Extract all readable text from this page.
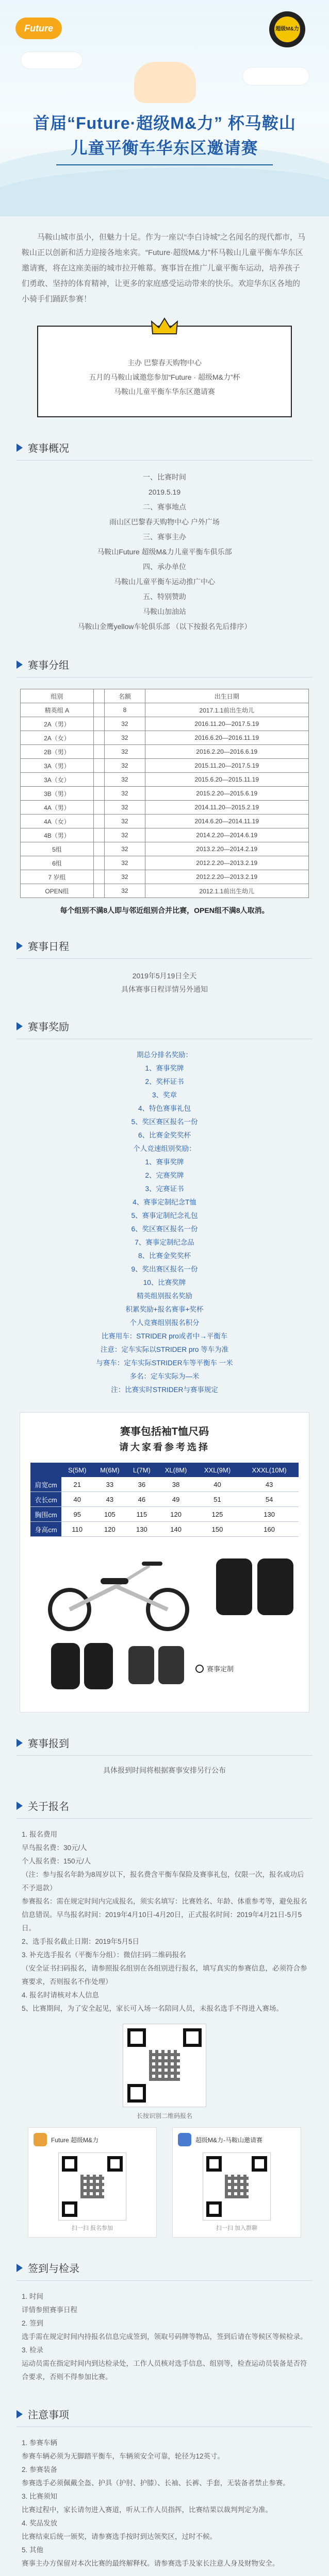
Future	超级M&力
首届“Future·超级M&力” 杯马鞍山
儿童平衡车华东区邀请赛

马鞍山城市虽小，但魅力十足。作为一座以“李白诗城”之名闻名的现代都市，马鞍山正以创新和活力迎接各地来宾。“Future·超级M&力”杯马鞍山儿童平衡车华东区邀请赛，将在这座美丽的城市拉开帷幕。赛事旨在推广儿童平衡车运动，培养孩子们勇敢、坚持的体育精神，让更多的家庭感受运动带来的快乐。欢迎华东区各地的小骑手们踊跃参赛！

主办 巴黎春天购物中心

五月的马鞍山诚邀您参加“Future · 超级M&力”杯

马鞍山儿童平衡车华东区邀请赛

赛事概况
一、比赛时间
2019.5.19
二、赛事地点
雨山区巴黎春天购物中心 户外广场
三、赛事主办
马鞍山Future 超级M&力儿童平衡车俱乐部
四、承办单位
马鞍山儿童平衡车运动推广中心
五、特别赞助
马鞍山加油站
马鞍山金鹰yellow车轮俱乐部 （以下按报名先后排序）
赛事分组
组别		名额	出生日期
精英组 A		8	2017.1.1前出生幼儿
2A（男）		32	2016.11.20—2017.5.19
2A（女）		32	2016.6.20—2016.11.19
2B（男）		32	2016.2.20—2016.6.19
3A（男）		32	2015.11.20—2017.5.19
3A（女）		32	2015.6.20—2015.11.19
3B（男）		32	2015.2.20—2015.6.19
4A（男）		32	2014.11.20—2015.2.19
4A（女）		32	2014.6.20—2014.11.19
4B（男）		32	2014.2.20—2014.6.19
5组		32	2013.2.20—2014.2.19
6组		32	2012.2.20—2013.2.19
7 岁组		32	2012.2.20—2013.2.19
OPEN组		32	2012.1.1前出生幼儿
每个组别不满8人即与邻近组别合并比赛，OPEN组不满8人取消。
赛事日程
2019年5月19日全天
具体赛事日程详情另外通知
赛事奖励
期总分排名奖励：
1、赛事奖牌
2、奖杯证书
3、奖章
4、特色赛事礼包
5、奖区赛区报名一份
6、比赛金奖奖杯
个人竞速组别奖励：
1、赛事奖牌
2、完赛奖牌
3、完赛证书
4、赛事定制纪念T恤
5、赛事定制纪念礼包
6、奖区赛区报名一份
7、赛事定制纪念品
8、比赛金奖奖杯
9、奖出赛区报名一份
10、比赛奖牌
精英组别报名奖励
积累奖励+报名赛事+奖杯
个人竞赛组别报名积分
比赛用车：STRIDER pro或者中→平衡车
注意：定车实际以STRIDER pro 等车为准
与赛车：定车实际STRIDER车等平衡车 一米
多名：定车实际为—米
注：比赛实时STRIDER与赛事规定
赛事包括袖T恤尺码
请大家看参考选择
	S(5M)	M(6M)	L(7M)	XL(8M)	XXL(9M)	XXXL(10M)
肩宽cm	21	33	36	38	40	43
衣长cm	40	43	46	49	51	54
胸围cm	95	105	115	120	125	130
身高cm	110	120	130	140	150	160
赛事定制
赛事报到
具体报到时间将根据赛事安排另行公布
关于报名
1. 报名费用
早鸟报名费：30元/人
个人报名费：150元/人
（注：参与报名年龄为8周岁以下，报名费含平衡车保险及赛事礼包，仅限一次，报名成功后不予退款）
参赛报名：需在规定时间内完成报名，须实名填写：比赛姓名、年龄、体重参考等，避免报名信息错误。早鸟报名时间：2019年4月10日-4月20日，正式报名时间：2019年4月21日-5月5日。
2、选手报名截止日期：2019年5月5日
3. 补充选手报名（平衡车分组）：微信扫码二维码报名
（安全证书扫码报名，请参照报名组别在各组别进行报名，填写真实的参赛信息，必须符合参赛要求，否则报名不作处理）
4. 报名时请核对本人信息
5、比赛期间，为了安全起见，家长可入场一名陪同人员，未报名选手不得进入赛场。
长按识别二维码报名
Future 超级M&力
扫一扫 报名参加
超级M&力-马鞍山邀请赛
扫一扫 加入群聊
签到与检录
1. 时间
详情参照赛事日程
2. 签到
选手需在规定时间内持报名信息完成签到，领取号码牌等物品，签到后请在等候区等候检录。
3. 检录
运动员需在指定时间内到达检录处，工作人员核对选手信息、组别等，检查运动员装备是否符合要求，否则不得参加比赛。
注意事项
1. 参赛车辆
参赛车辆必须为无脚踏平衡车，车辆须安全可靠，轮径为12英寸。
2. 参赛装备
参赛选手必须佩戴全盔、护具（护肘、护膝）、长袖、长裤、手套，无装备者禁止参赛。
3. 比赛须知
比赛过程中，家长请勿进入赛道，听从工作人员指挥，比赛结果以裁判判定为准。
4. 奖品发放
比赛结束后统一颁奖，请参赛选手按时到达领奖区，过时不候。
5. 其他
赛事主办方保留对本次比赛的最终解释权。请参赛选手及家长注意人身及财物安全。
